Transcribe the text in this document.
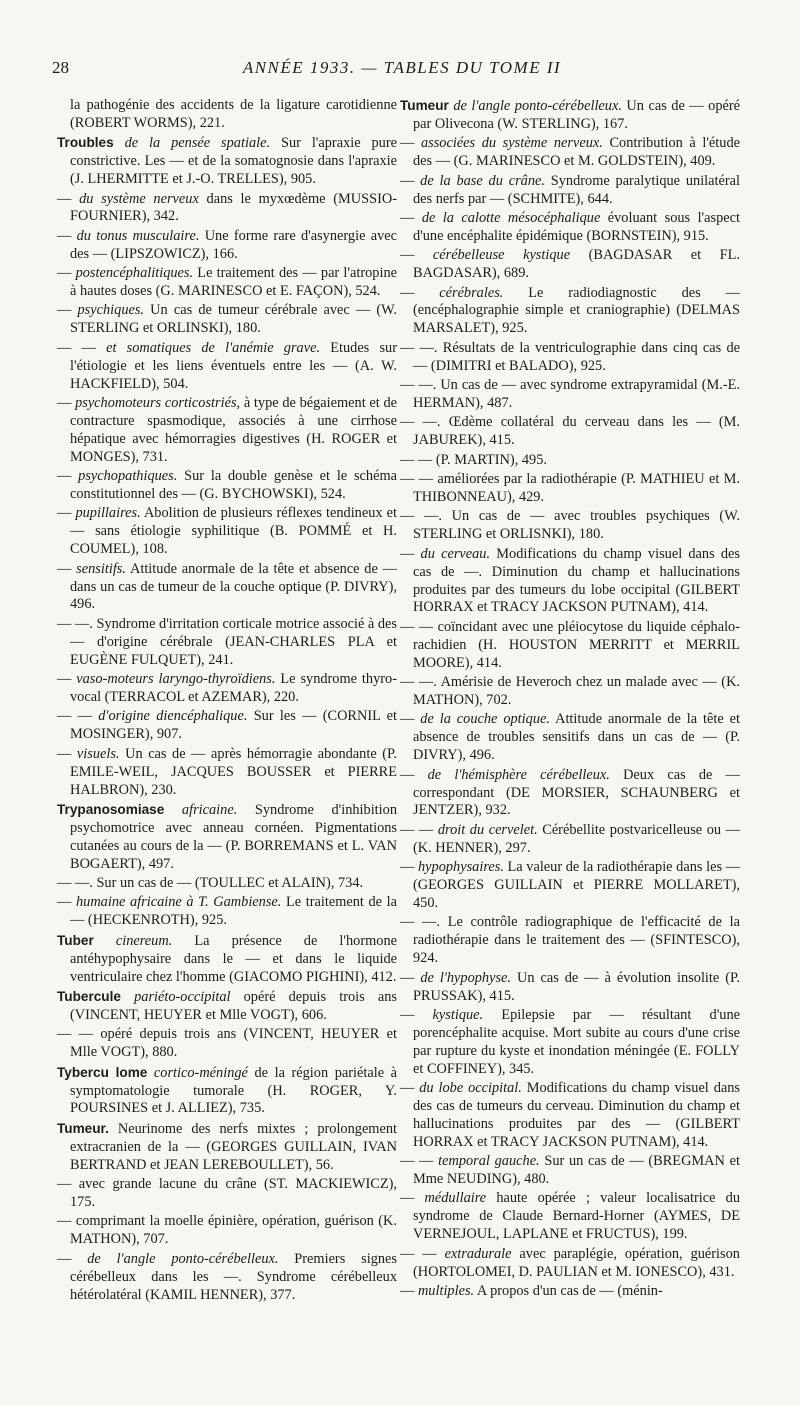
28	ANNÉE 1933. — TABLES DU TOME II

la pathogénie des accidents de la ligature carotidienne (ROBERT WORMS), 221.

Troubles de la pensée spatiale. Sur l'apraxie pure constrictive. Les — et de la somatognosie dans l'apraxie (J. LHERMITTE et J.-O. TRELLES), 905.

— du système nerveux dans le myxœdème (MUSSIO-FOURNIER), 342.

— du tonus musculaire. Une forme rare d'asynergie avec des — (LIPSZOWICZ), 166.

— postencéphalitiques. Le traitement des — par l'atropine à hautes doses (G. MARINESCO et E. FAÇON), 524.

— psychiques. Un cas de tumeur cérébrale avec — (W. STERLING et ORLINSKI), 180.

— — et somatiques de l'anémie grave. Etudes sur l'étiologie et les liens éventuels entre les — (A. W. HACKFIELD), 504.

— psychomoteurs corticostriés, à type de bégaiement et de contracture spasmodique, associés à une cirrhose hépatique avec hémorragies digestives (H. ROGER et MONGES), 731.

— psychopathiques. Sur la double genèse et le schéma constitutionnel des — (G. BYCHOWSKI), 524.

— pupillaires. Abolition de plusieurs réflexes tendineux et — sans étiologie syphilitique (B. POMMÉ et H. COUMEL), 108.

— sensitifs. Attitude anormale de la tête et absence de — dans un cas de tumeur de la couche optique (P. DIVRY), 496.

— —. Syndrome d'irritation corticale motrice associé à des — d'origine cérébrale (JEAN-CHARLES PLA et EUGÈNE FULQUET), 241.

— vaso-moteurs laryngo-thyroïdiens. Le syndrome thyro-vocal (TERRACOL et AZEMAR), 220.

— — d'origine diencéphalique. Sur les — (CORNIL et MOSINGER), 907.

— visuels. Un cas de — après hémorragie abondante (P. EMILE-WEIL, JACQUES BOUSSER et PIERRE HALBRON), 230.

Trypanosomiase africaine. Syndrome d'inhibition psychomotrice avec anneau cornéen. Pigmentations cutanées au cours de la — (P. BORREMANS et L. VAN BOGAERT), 497.

— —. Sur un cas de — (TOULLEC et ALAIN), 734.

— humaine africaine à T. Gambiense. Le traitement de la — (HECKENROTH), 925.

Tuber cinereum. La présence de l'hormone antéhypophysaire dans le — et dans le liquide ventriculaire chez l'homme (GIACOMO PIGHINI), 412.

Tubercule pariéto-occipital opéré depuis trois ans (VINCENT, HEUYER et Mlle VOGT), 606.

— — opéré depuis trois ans (VINCENT, HEUYER et Mlle VOGT), 880.

Tybercu lome cortico-méningé de la région pariétale à symptomatologie tumorale (H. ROGER, Y. POURSINES et J. ALLIEZ), 735.

Tumeur. Neurinome des nerfs mixtes ; prolongement extracranien de la — (GEORGES GUILLAIN, IVAN BERTRAND et JEAN LEREBOULLET), 56.

— avec grande lacune du crâne (ST. MACKIEWICZ), 175.

— comprimant la moelle épinière, opération, guérison (K. MATHON), 707.

— de l'angle ponto-cérébelleux. Premiers signes cérébelleux dans les —. Syndrome cérébelleux hétérolatéral (KAMIL HENNER), 377.

Tumeur de l'angle ponto-cérébelleux. Un cas de — opéré par Olivecona (W. STERLING), 167.

— associées du système nerveux. Contribution à l'étude des — (G. MARINESCO et M. GOLDSTEIN), 409.

— de la base du crâne. Syndrome paralytique unilatéral des nerfs par — (SCHMITE), 644.

— de la calotte mésocéphalique évoluant sous l'aspect d'une encéphalite épidémique (BORNSTEIN), 915.

— cérébelleuse kystique (BAGDASAR et FL. BAGDASAR), 689.

— cérébrales. Le radiodiagnostic des — (encéphalographie simple et craniographie) (DELMAS MARSALET), 925.

— —. Résultats de la ventriculographie dans cinq cas de — (DIMITRI et BALADO), 925.

— —. Un cas de — avec syndrome extrapyramidal (M.-E. HERMAN), 487.

— —. Œdème collatéral du cerveau dans les — (M. JABUREK), 415.

— — (P. MARTIN), 495.

— — améliorées par la radiothérapie (P. MATHIEU et M. THIBONNEAU), 429.

— —. Un cas de — avec troubles psychiques (W. STERLING et ORLISNKI), 180.

— du cerveau. Modifications du champ visuel dans des cas de —. Diminution du champ et hallucinations produites par des tumeurs du lobe occipital (GILBERT HORRAX et TRACY JACKSON PUTNAM), 414.

— — coïncidant avec une pléiocytose du liquide céphalo-rachidien (H. HOUSTON MERRITT et MERRIL MOORE), 414.

— —. Amérisie de Heveroch chez un malade avec — (K. MATHON), 702.

— de la couche optique. Attitude anormale de la tête et absence de troubles sensitifs dans un cas de — (P. DIVRY), 496.

— de l'hémisphère cérébelleux. Deux cas de — correspondant (DE MORSIER, SCHAUNBERG et JENTZER), 932.

— — droit du cervelet. Cérébellite postvaricelleuse ou — (K. HENNER), 297.

— hypophysaires. La valeur de la radiothérapie dans les — (GEORGES GUILLAIN et PIERRE MOLLARET), 450.

— —. Le contrôle radiographique de l'efficacité de la radiothérapie dans le traitement des — (SFINTESCO), 924.

— de l'hypophyse. Un cas de — à évolution insolite (P. PRUSSAK), 415.

— kystique. Epilepsie par — résultant d'une porencéphalite acquise. Mort subite au cours d'une crise par rupture du kyste et inondation méningée (E. FOLLY et COFFINEY), 345.

— du lobe occipital. Modifications du champ visuel dans des cas de tumeurs du cerveau. Diminution du champ et hallucinations produites par des — (GILBERT HORRAX et TRACY JACKSON PUTNAM), 414.

— — temporal gauche. Sur un cas de — (BREGMAN et Mme NEUDING), 480.

— médullaire haute opérée ; valeur localisatrice du syndrome de Claude Bernard-Horner (AYMES, DE VERNEJOUL, LAPLANE et FRUCTUS), 199.

— — extradurale avec paraplégie, opération, guérison (HORTOLOMEI, D. PAULIAN et M. IONESCO), 431.

— multiples. A propos d'un cas de — (ménin-
